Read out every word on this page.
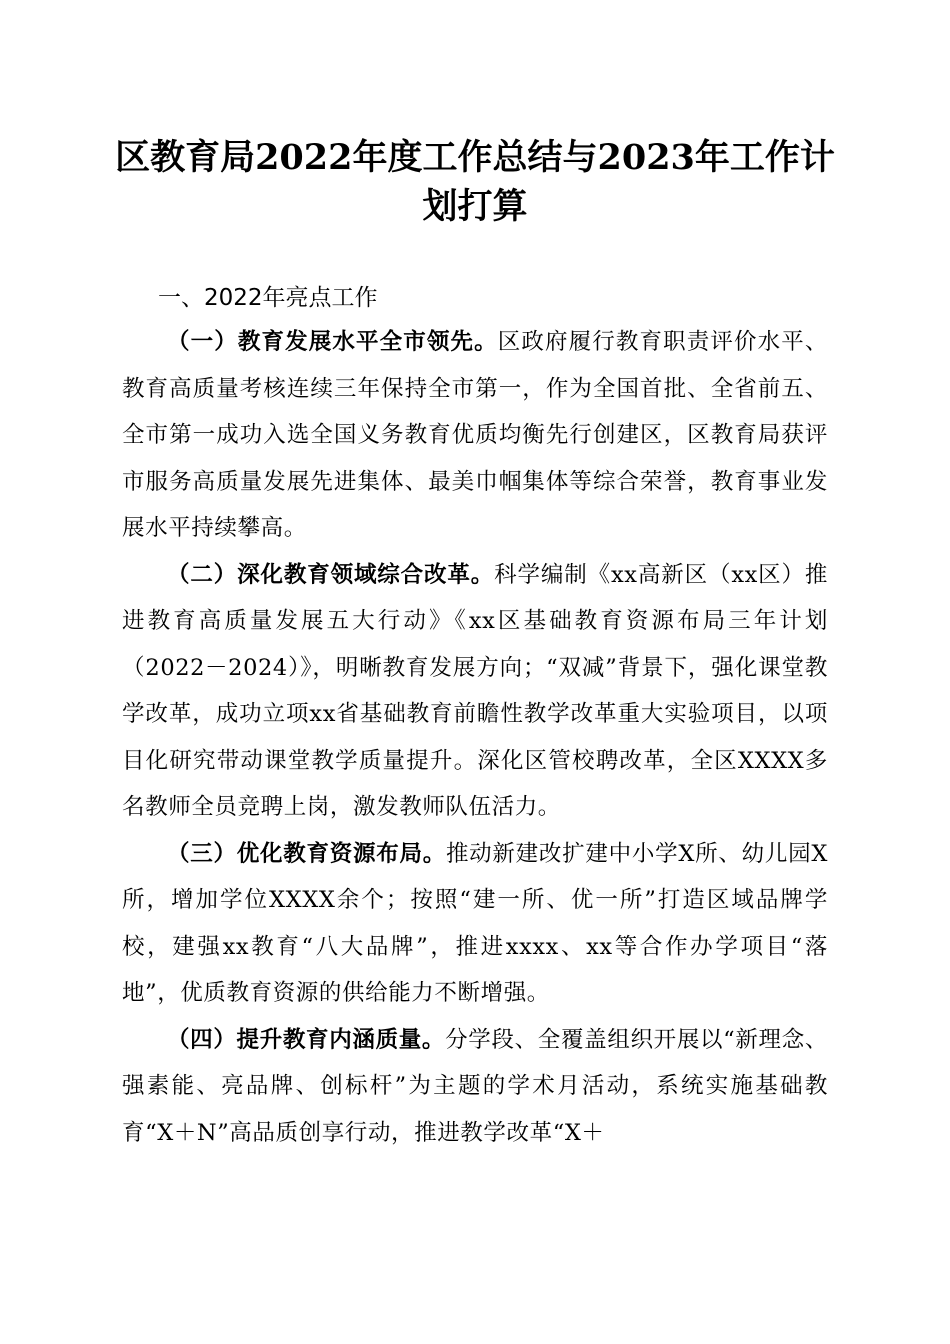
区教育局2022年度工作总结与2023年工作计
划打算
一、2022年亮点工作

（一）教育发展水平全市领先。区政府履行教育职责评价水平、教育高质量考核连续三年保持全市第一，作为全国首批、全省前五、全市第一成功入选全国义务教育优质均衡先行创建区，区教育局获评市服务高质量发展先进集体、最美巾帼集体等综合荣誉，教育事业发展水平持续攀高。

（二）深化教育领域综合改革。科学编制《xx高新区（xx区）推进教育高质量发展五大行动》《xx区基础教育资源布局三年计划（2022－2024）》，明晰教育发展方向；“双减”背景下，强化课堂教学改革，成功立项xx省基础教育前瞻性教学改革重大实验项目，以项目化研究带动课堂教学质量提升。深化区管校聘改革，全区XXXX多名教师全员竞聘上岗，激发教师队伍活力。

（三）优化教育资源布局。推动新建改扩建中小学X所、幼儿园X所，增加学位XXXX余个；按照“建一所、优一所”打造区域品牌学校，建强xx教育“八大品牌”，推进xxxx、xx等合作办学项目“落地”，优质教育资源的供给能力不断增强。

（四）提升教育内涵质量。分学段、全覆盖组织开展以“新理念、强素能、亮品牌、创标杆”为主题的学术月活动，系统实施基础教育“X＋N”高品质创享行动，推进教学改革“X＋
